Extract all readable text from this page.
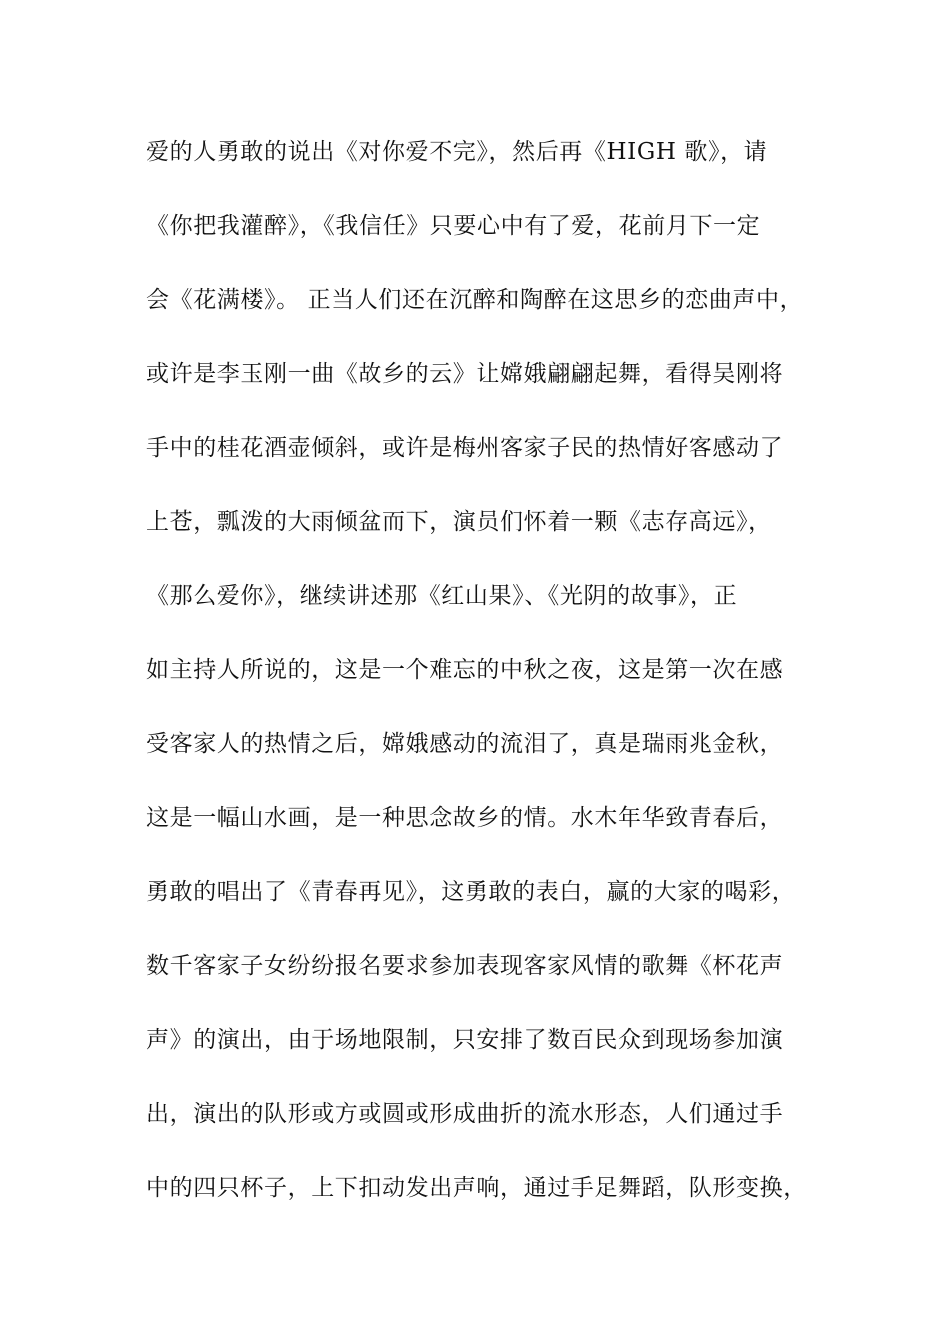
爱的人勇敢的说出《对你爱不完》，然后再《HIGH 歌》，请
《你把我灌醉》，《我信任》只要心中有了爱，花前月下一定
会《花满楼》。 正当人们还在沉醉和陶醉在这思乡的恋曲声中，
或许是李玉刚一曲《故乡的云》让嫦娥翩翩起舞，看得吴刚将
手中的桂花酒壶倾斜，或许是梅州客家子民的热情好客感动了
上苍，瓢泼的大雨倾盆而下，演员们怀着一颗《志存高远》，
《那么爱你》，继续讲述那《红山果》、《光阴的故事》，正
如主持人所说的，这是一个难忘的中秋之夜，这是第一次在感
受客家人的热情之后，嫦娥感动的流泪了，真是瑞雨兆金秋，
这是一幅山水画，是一种思念故乡的情。水木年华致青春后，
勇敢的唱出了《青春再见》，这勇敢的表白，赢的大家的喝彩，
数千客家子女纷纷报名要求参加表现客家风情的歌舞《杯花声
声》的演出，由于场地限制，只安排了数百民众到现场参加演
出，演出的队形或方或圆或形成曲折的流水形态，人们通过手
中的四只杯子，上下扣动发出声响，通过手足舞蹈，队形变换，
